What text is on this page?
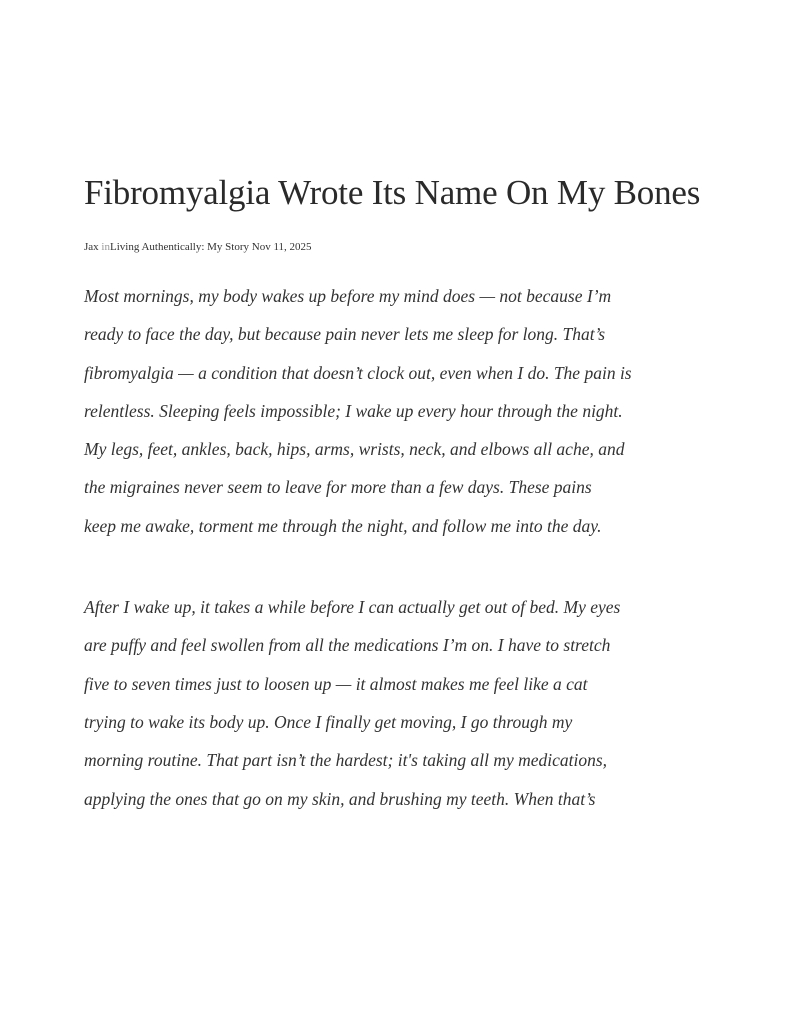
Fibromyalgia Wrote Its Name On My Bones
Jax inLiving Authentically: My Story Nov 11, 2025

Most mornings, my body wakes up before my mind does — not because I’m
ready to face the day, but because pain never lets me sleep for long. That’s
fibromyalgia — a condition that doesn’t clock out, even when I do. The pain is
relentless. Sleeping feels impossible; I wake up every hour through the night.
My legs, feet, ankles, back, hips, arms, wrists, neck, and elbows all ache, and
the migraines never seem to leave for more than a few days. These pains
keep me awake, torment me through the night, and follow me into the day.

After I wake up, it takes a while before I can actually get out of bed. My eyes
are puffy and feel swollen from all the medications I’m on. I have to stretch
five to seven times just to loosen up — it almost makes me feel like a cat
trying to wake its body up. Once I finally get moving, I go through my
morning routine. That part isn’t the hardest; it's taking all my medications,
applying the ones that go on my skin, and brushing my teeth. When that’s
